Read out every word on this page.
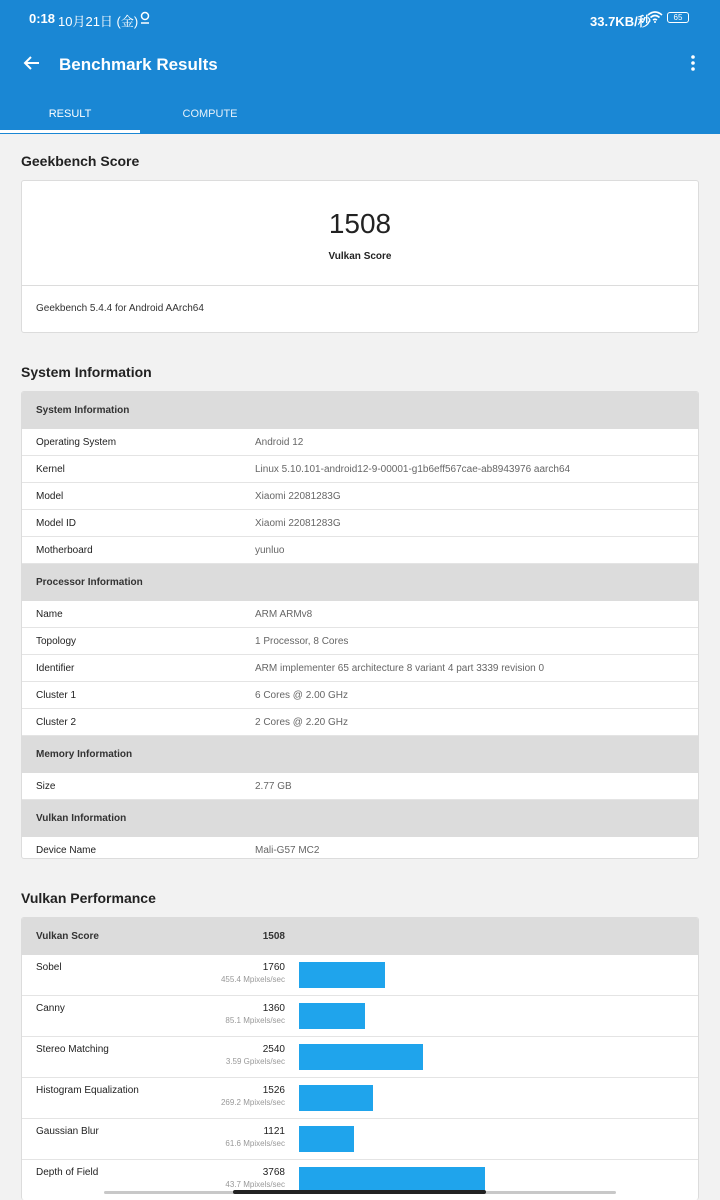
0:18 10月21日 (金)	33.7KB/秒	65
Benchmark Results
RESULT	COMPUTE
Geekbench Score
1508
Vulkan Score
Geekbench 5.4.4 for Android AArch64
System Information
System Information
Operating System	Android 12
Kernel	Linux 5.10.101-android12-9-00001-g1b6eff567cae-ab8943976 aarch64
Model	Xiaomi 22081283G
Model ID	Xiaomi 22081283G
Motherboard	yunluo
Processor Information
Name	ARM ARMv8
Topology	1 Processor, 8 Cores
Identifier	ARM implementer 65 architecture 8 variant 4 part 3339 revision 0
Cluster 1	6 Cores @ 2.00 GHz
Cluster 2	2 Cores @ 2.20 GHz
Memory Information
Size	2.77 GB
Vulkan Information
Device Name	Mali-G57 MC2
Vulkan Performance
Vulkan Score	1508
Sobel	1760
455.4 Mpixels/sec
Canny	1360
85.1 Mpixels/sec
Stereo Matching	2540
3.59 Gpixels/sec
Histogram Equalization	1526
269.2 Mpixels/sec
Gaussian Blur	1121
61.6 Mpixels/sec
Depth of Field	3768
43.7 Mpixels/sec
